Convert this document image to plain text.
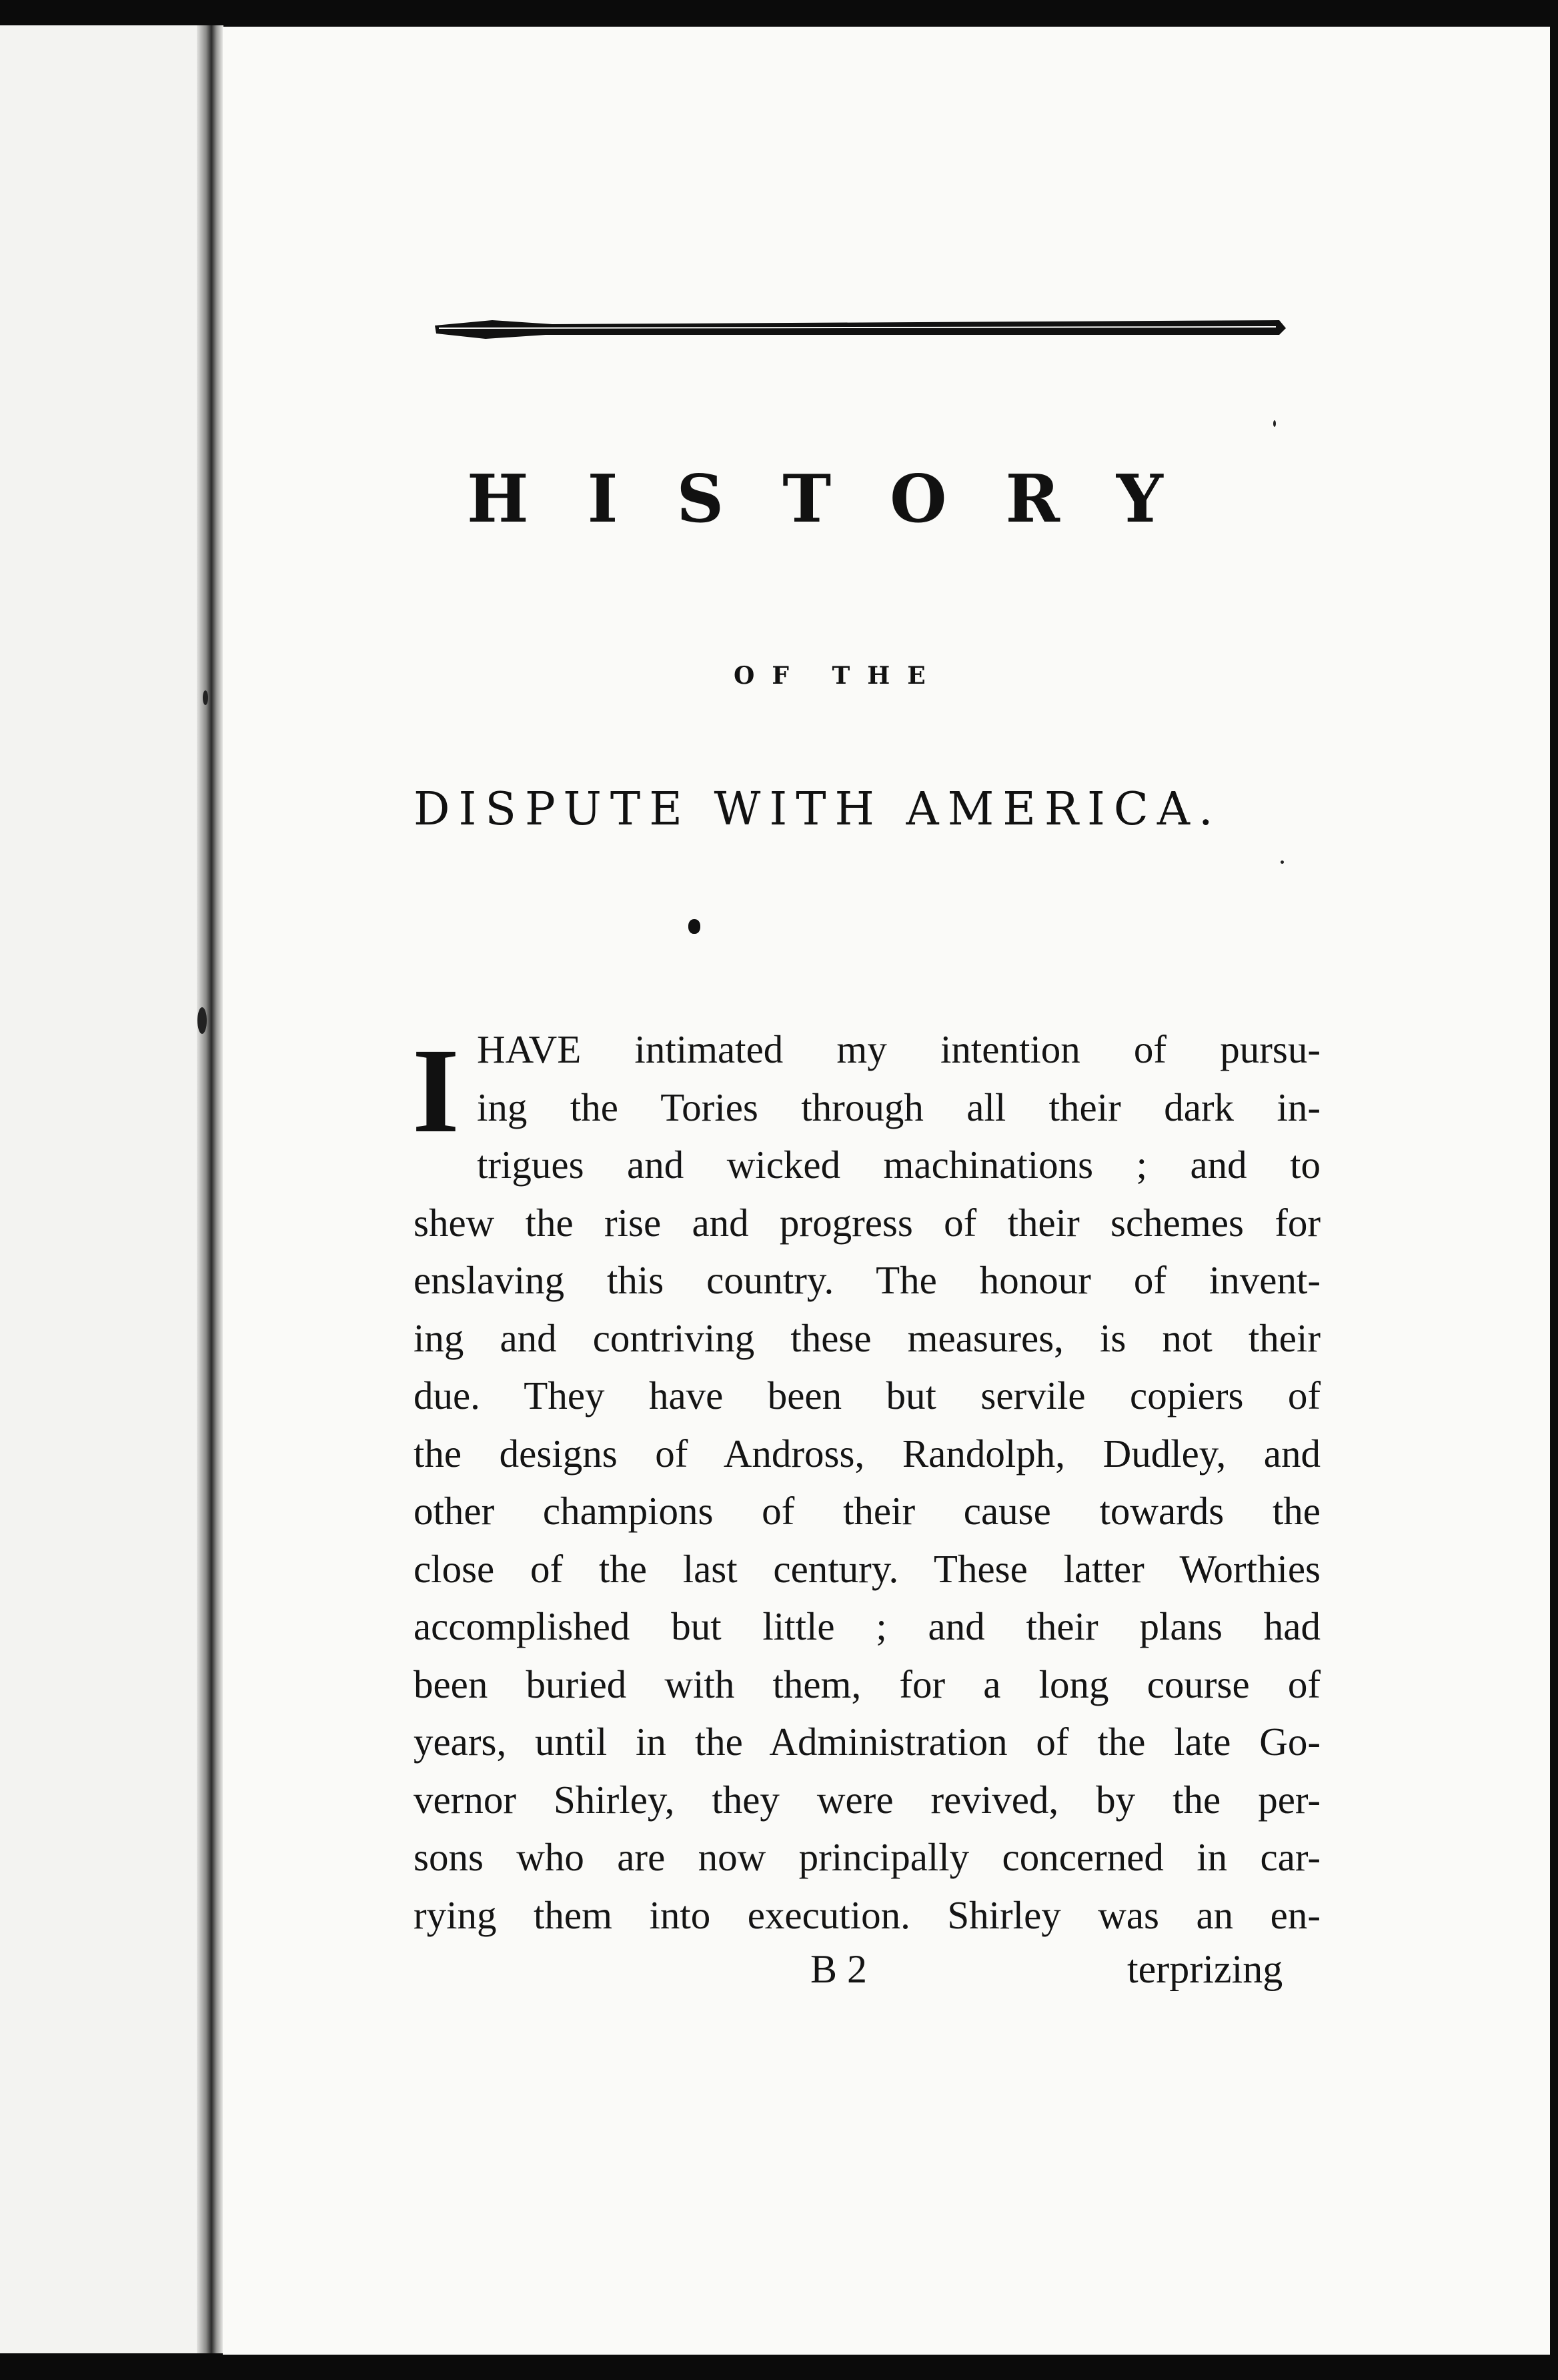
HISTORY
OF THE
DISPUTE WITH AMERICA.
I HAVE intimated my intention of pursu-
ing the Tories through all their dark in-
trigues and wicked machinations ; and to
shew the rise and progress of their schemes for
enslaving this country. The honour of invent-
ing and contriving these measures, is not their
due. They have been but servile copiers of
the designs of Andross, Randolph, Dudley, and
other champions of their cause towards the
close of the last century. These latter Worthies
accomplished but little ; and their plans had
been buried with them, for a long course of
years, until in the Administration of the late Go-
vernor Shirley, they were revived, by the per-
sons who are now principally concerned in car-
rying them into execution. Shirley was an en-
B 2	terprizing
